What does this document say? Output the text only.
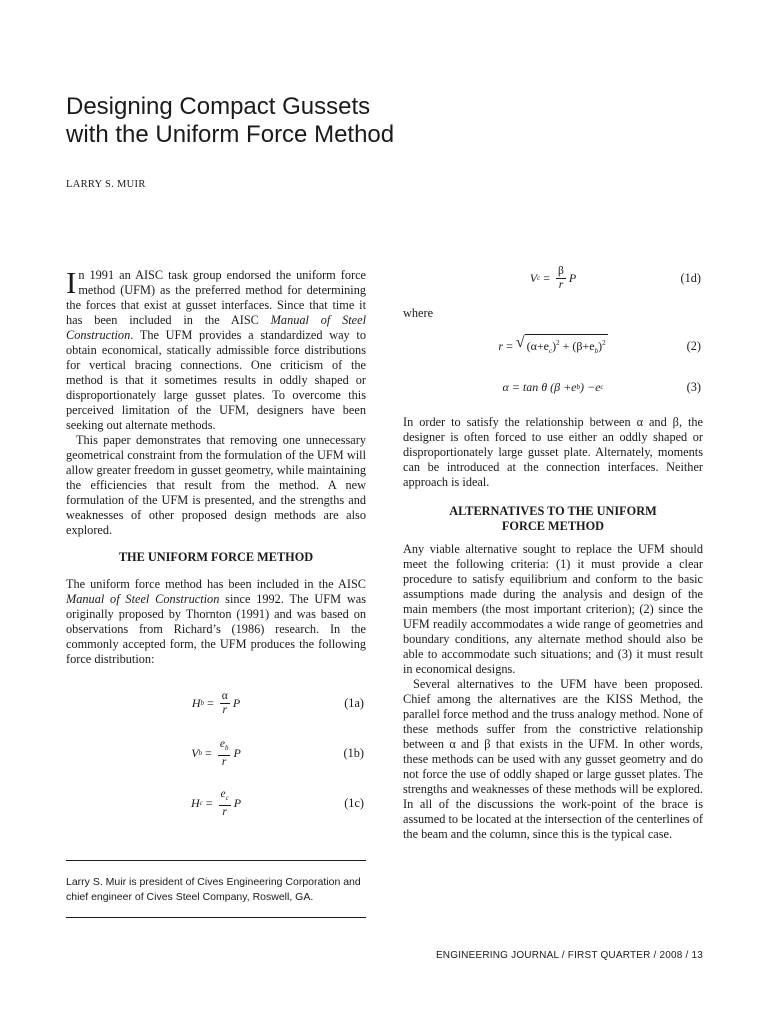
Designing Compact Gussets
with the Uniform Force Method
LARRY S. MUIR

In 1991 an AISC task group endorsed the uniform force method (UFM) as the preferred method for determining the forces that exist at gusset interfaces. Since that time it has been included in the AISC Manual of Steel Construction. The UFM provides a standardized way to obtain economical, statically admissible force distributions for vertical bracing connections. One criticism of the method is that it sometimes results in oddly shaped or disproportionately large gusset plates. To overcome this perceived limitation of the UFM, designers have been seeking out alternate methods.

This paper demonstrates that removing one unnecessary geometrical constraint from the formulation of the UFM will allow greater freedom in gusset geometry, while maintaining the efficiencies that result from the method. A new formulation of the UFM is presented, and the strengths and weaknesses of other proposed design methods are also explored.

THE UNIFORM FORCE METHOD

The uniform force method has been included in the AISC Manual of Steel Construction since 1992. The UFM was originally proposed by Thornton (1991) and was based on observations from Richard’s (1986) research. In the commonly accepted form, the UFM produces the following force distribution:

H $b = \frac{\alpha}{r}$ P	(1a)
V $b = \frac{e_b}{r}$ P	(1b)
H $c = \frac{e_c}{r}$ P	(1c)

Larry S. Muir is president of Cives Engineering Corporation and chief engineer of Cives Steel Company, Roswell, GA.

V $c = \frac{\beta}{r}$ P	(1d)

where

r = √ $(\alpha+e_c)^2 + (\beta+e_b)^2$	(2)
α = tan θ (β + e b ) − e c	(3)

In order to satisfy the relationship between α and β, the designer is often forced to use either an oddly shaped or disproportionately large gusset plate. Alternately, moments can be introduced at the connection interfaces. Neither approach is ideal.

ALTERNATIVES TO THE UNIFORM
FORCE METHOD

Any viable alternative sought to replace the UFM should meet the following criteria: (1) it must provide a clear procedure to satisfy equilibrium and conform to the basic assumptions made during the analysis and design of the main members (the most important criterion); (2) since the UFM readily accommodates a wide range of geometries and boundary conditions, any alternate method should also be able to accommodate such situations; and (3) it must result in economical designs.

Several alternatives to the UFM have been proposed. Chief among the alternatives are the KISS Method, the parallel force method and the truss analogy method. None of these methods suffer from the constrictive relationship between α and β that exists in the UFM. In other words, these methods can be used with any gusset geometry and do not force the use of oddly shaped or large gusset plates. The strengths and weaknesses of these methods will be explored. In all of the discussions the work-point of the brace is assumed to be located at the intersection of the centerlines of the beam and the column, since this is the typical case.

ENGINEERING JOURNAL / FIRST QUARTER / 2008 / 13
